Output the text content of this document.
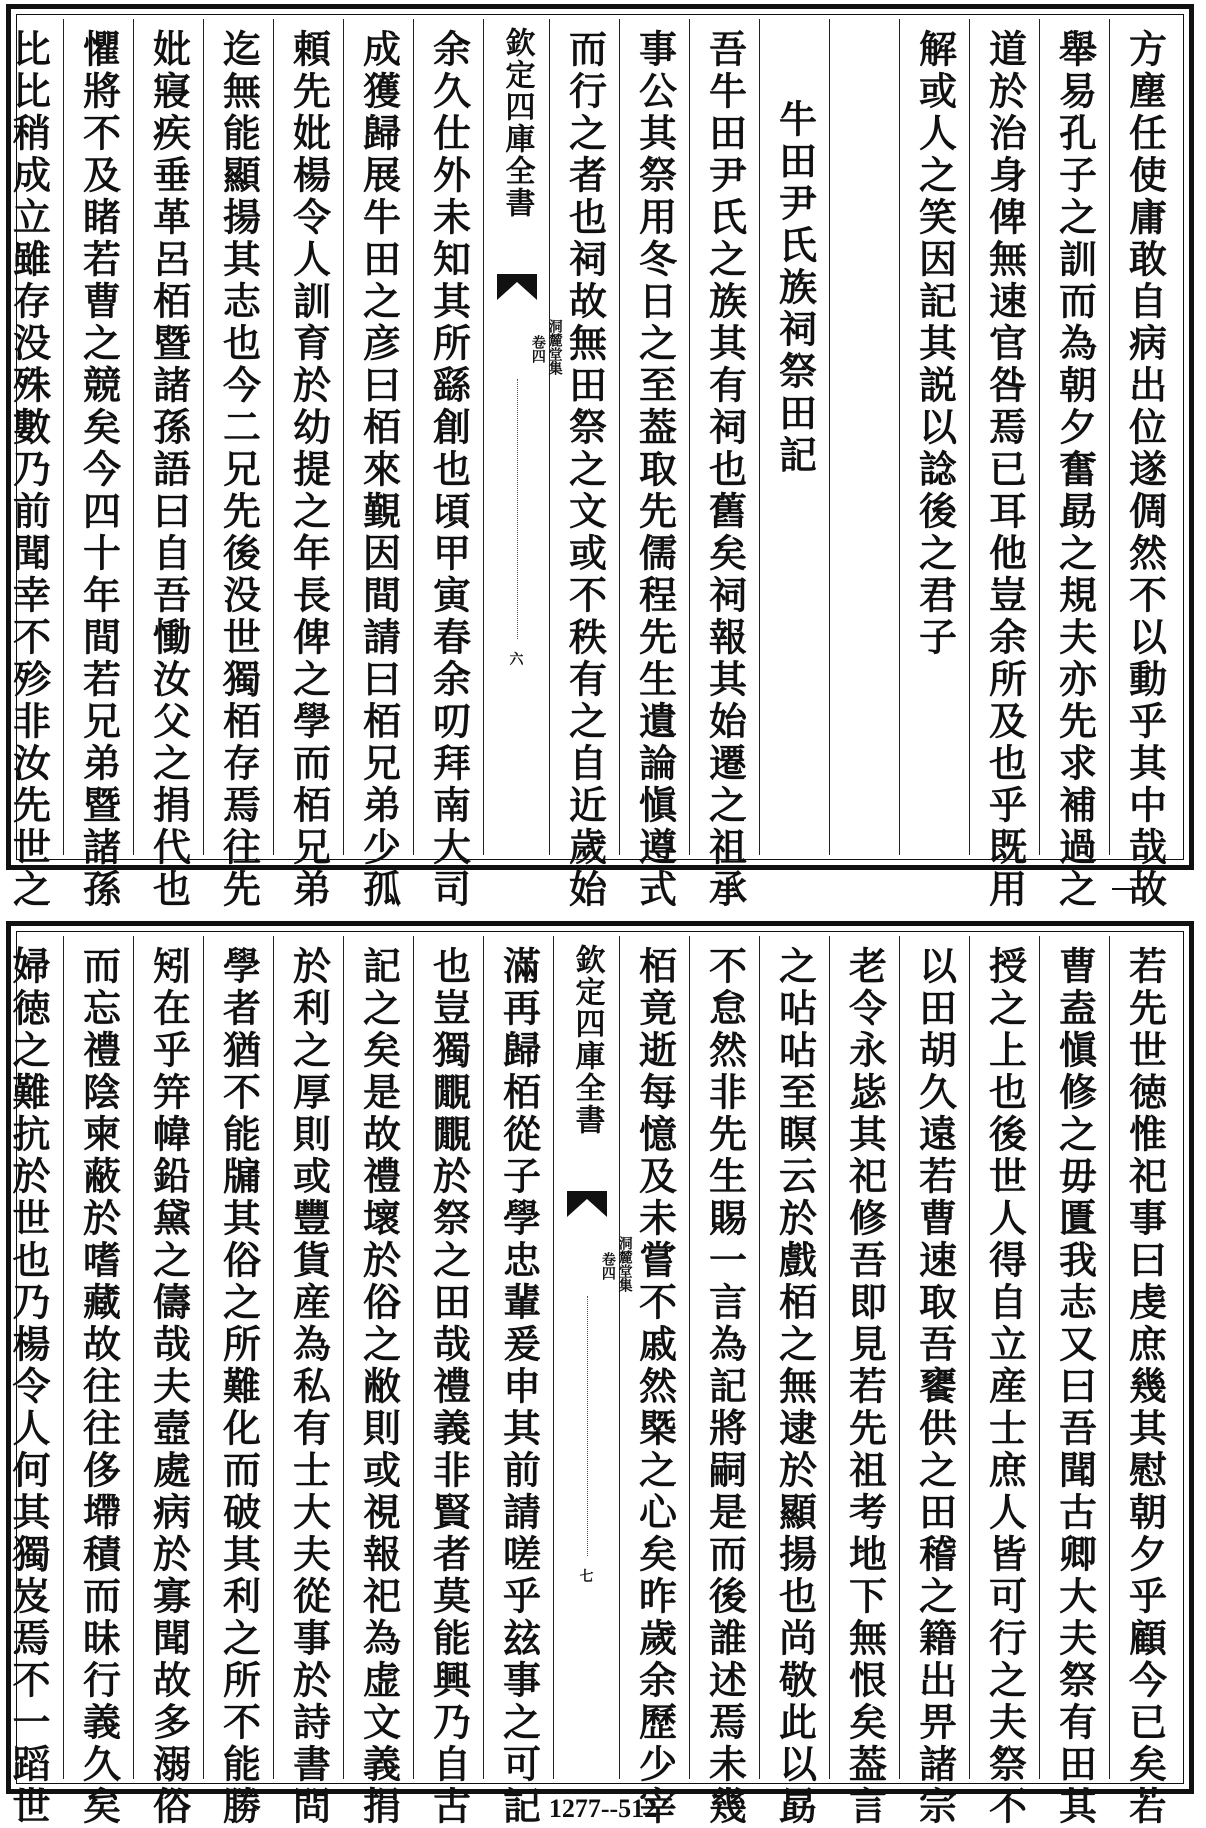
方塵任使庸敢自病出位遂倜然不以動乎其中哉故
舉易孔子之訓而為朝夕奮勗之規夫亦先求補過之
道於治身俾無速官咎焉已耳他豈余所及也乎既用
解或人之笑因記其説以諗後之君子
牛田尹氏族祠祭田記
吾牛田尹氏之族其有祠也舊矣祠報其始遷之祖承
事公其祭用冬日之至葢取先儒程先生遺論愼遵式
而行之者也祠故無田祭之文或不秩有之自近歲始
欽定四庫全書
洞麓堂集
卷四
六
余久仕外未知其所繇創也頃甲寅春余叨拜南大司
成獲歸展牛田之彦曰栢來覲因間請曰栢兄弟少孤
頼先妣楊令人訓育於幼提之年長俾之學而栢兄弟
迄無能顯揚其志也今二兄先後没世獨栢存焉往先
妣寢疾垂革呂栢暨諸孫語曰自吾慟汝父之捐代也
懼將不及睹若曹之競矣今四十年間若兄弟暨諸孫
比比稍成立雖存没殊數乃前聞幸不殄非汝先世之
若先世徳惟祀事曰虔庶幾其慰朝夕乎顧今已矣若
曹盍愼修之毋匱我志又曰吾聞古卿大夫祭有田其
授之上也後世人得自立産士庶人皆可行之夫祭不
以田胡久遠若曹速取吾饔供之田稽之籍出畀諸宗
老令永毖其祀修吾即見若先祖考地下無恨矣葢言
之呫呫至瞑云於戲栢之無逮於顯揚也尚敬此以勗
不怠然非先生賜一言為記將嗣是而後誰述焉未幾
栢竟逝每憶及未嘗不戚然槩之心矣昨歲余歷少宰
欽定四庫全書
洞麓堂集
卷四
七
滿再歸栢從子學忠輩爰申其前請嗟乎玆事之可記
也豈獨覵覵於祭之田哉禮義非賢者莫能興乃自古
記之矣是故禮壞於俗之敝則或視報祀為虚文義捐
於利之厚則或豐貨産為私有士大夫從事於詩書問
學者猶不能牖其俗之所難化而破其利之所不能勝
矧在乎笄幃鉛黛之儔哉夫壼處病於寡聞故多溺俗
而忘禮陰柬蔽於嗜藏故往往侈墆積而昧行義久矣
婦徳之難抗於世也乃楊令人何其獨岌焉不一蹈世	1277--512
